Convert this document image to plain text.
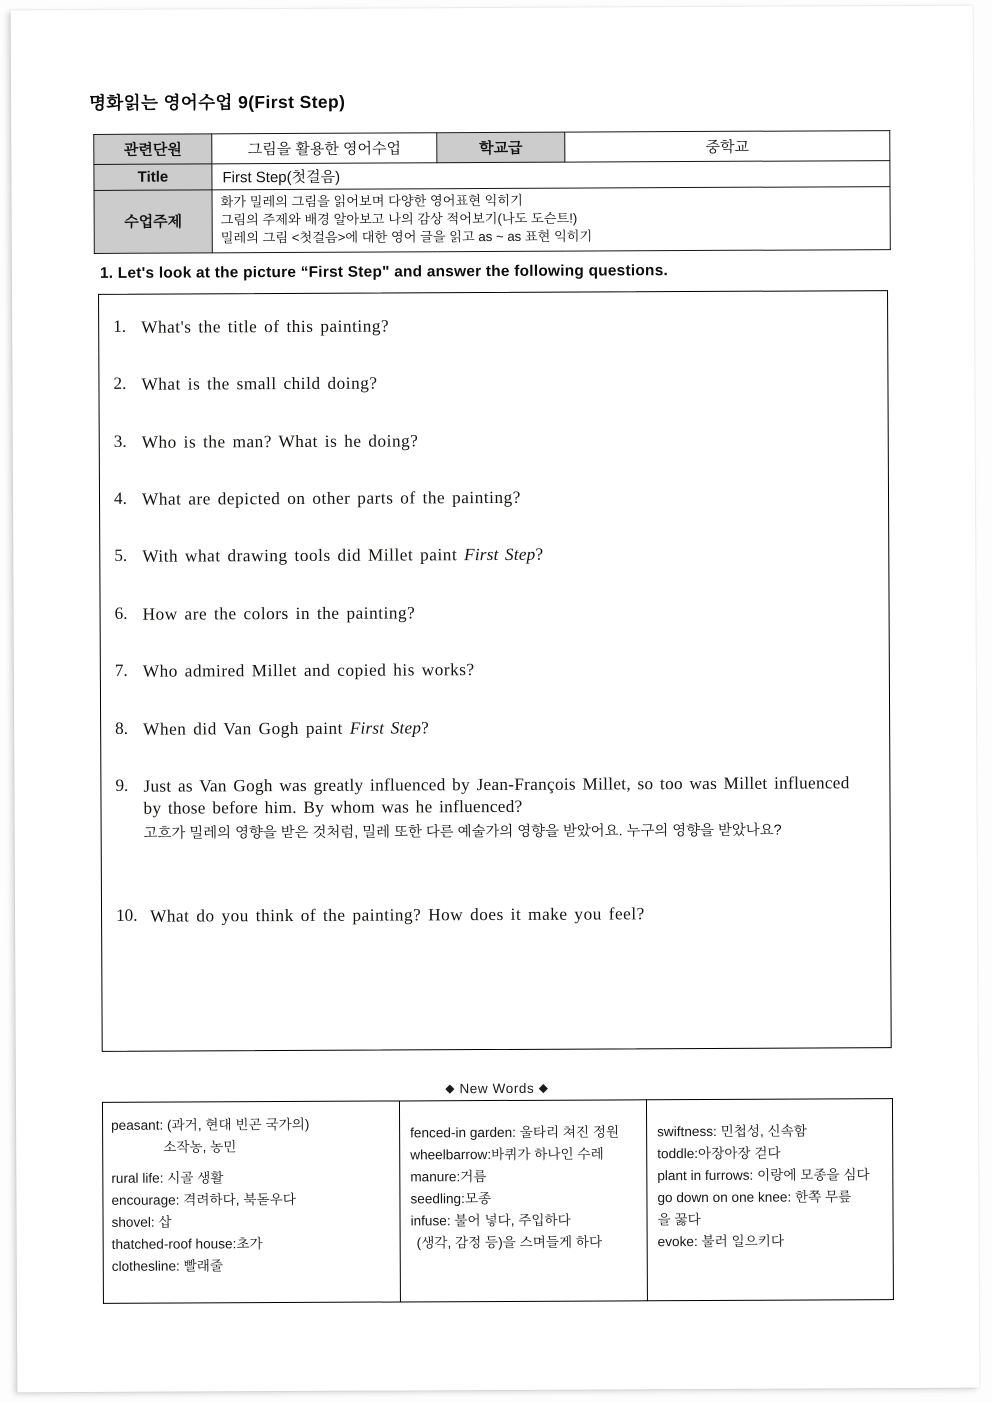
명화읽는 영어수업 9(First Step)
관련단원	그림을 활용한 영어수업	학교급	중학교
Title	First Step(첫걸음)		
수업주제	화가 밀레의 그림을 읽어보며 다양한 영어표현 익히기
그림의 주제와 배경 알아보고 나의 감상 적어보기(나도 도슨트!)
밀레의 그림 <첫걸음>에 대한 영어 글을 읽고 as ~ as 표현 익히기		
1. Let's look at the picture “First Step" and answer the following questions.
1. What's the title of this painting?
2. What is the small child doing?
3. Who is the man? What is he doing?
4. What are depicted on other parts of the painting?
5. With what drawing tools did Millet paint First Step?
6. How are the colors in the painting?
7. Who admired Millet and copied his works?
8. When did Van Gogh paint First Step?
9. Just as Van Gogh was greatly influenced by Jean-François Millet, so too was Millet influenced by those before him. By whom was he influenced?
고흐가 밀레의 영향을 받은 것처럼, 밀레 또한 다른 예술가의 영향을 받았어요. 누구의 영향을 받았나요?
10. What do you think of the painting? How does it make you feel?
◆ New Words ◆
peasant: (과거, 현대 빈곤 국가의)
소작농, 농민
rural life: 시골 생활
encourage: 격려하다, 북돋우다
shovel: 삽
thatched-roof house:초가
clothesline: 빨래줄

fenced-in garden: 울타리 쳐진 정원
wheelbarrow:바퀴가 하나인 수레
manure:거름
seedling:모종
infuse: 불어 넣다, 주입하다
(생각, 감정 등)을 스며들게 하다

swiftness: 민첩성, 신속함
toddle:아장아장 걷다
plant in furrows: 이랑에 모종을 심다
go down on one knee: 한쪽 무릎
을 꿇다
evoke: 불러 일으키다
